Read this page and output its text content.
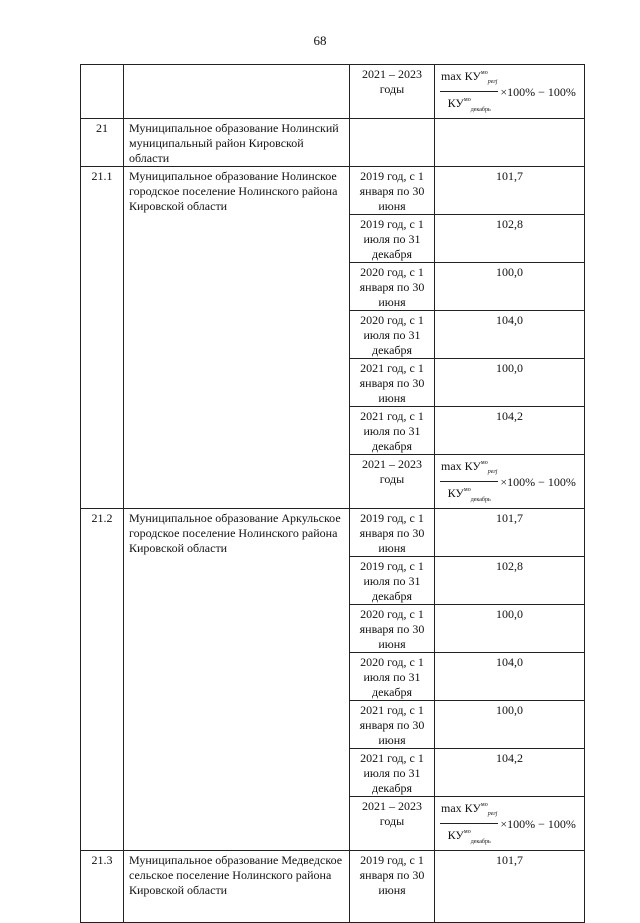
68
		2021 – 2023 годы	$\frac{\max КУ^{мо}_{peгj}}{КУ^{мо}_{декабрь}} \times 100\% - 100\%$

21	Муниципальное образование Нолинский муниципальный район Кировской области		
21.1	Муниципальное образование Нолинское городское поселение Нолинского района Кировской области	2019 год, с 1 января по 30 июня	101,7
		2019 год, с 1 июля по 31 декабря	102,8
		2020 год, с 1 января по 30 июня	100,0
		2020 год, с 1 июля по 31 декабря	104,0
		2021 год, с 1 января по 30 июня	100,0
		2021 год, с 1 июля по 31 декабря	104,2
		2021 – 2023 годы	$\frac{\max КУ^{мо}_{peгj}}{КУ^{мо}_{декабрь}} \times 100\% - 100\%$

21.2	Муниципальное образование Аркульское городское поселение Нолинского района Кировской области	2019 год, с 1 января по 30 июня	101,7
		2019 год, с 1 июля по 31 декабря	102,8
		2020 год, с 1 января по 30 июня	100,0
		2020 год, с 1 июля по 31 декабря	104,0
		2021 год, с 1 января по 30 июня	100,0
		2021 год, с 1 июля по 31 декабря	104,2
		2021 – 2023 годы	$\frac{\max КУ^{мо}_{peгj}}{КУ^{мо}_{декабрь}} \times 100\% - 100\%$

21.3	Муниципальное образование Медведское сельское поселение Нолинского района Кировской области	2019 год, с 1 января по 30 июня	101,7
